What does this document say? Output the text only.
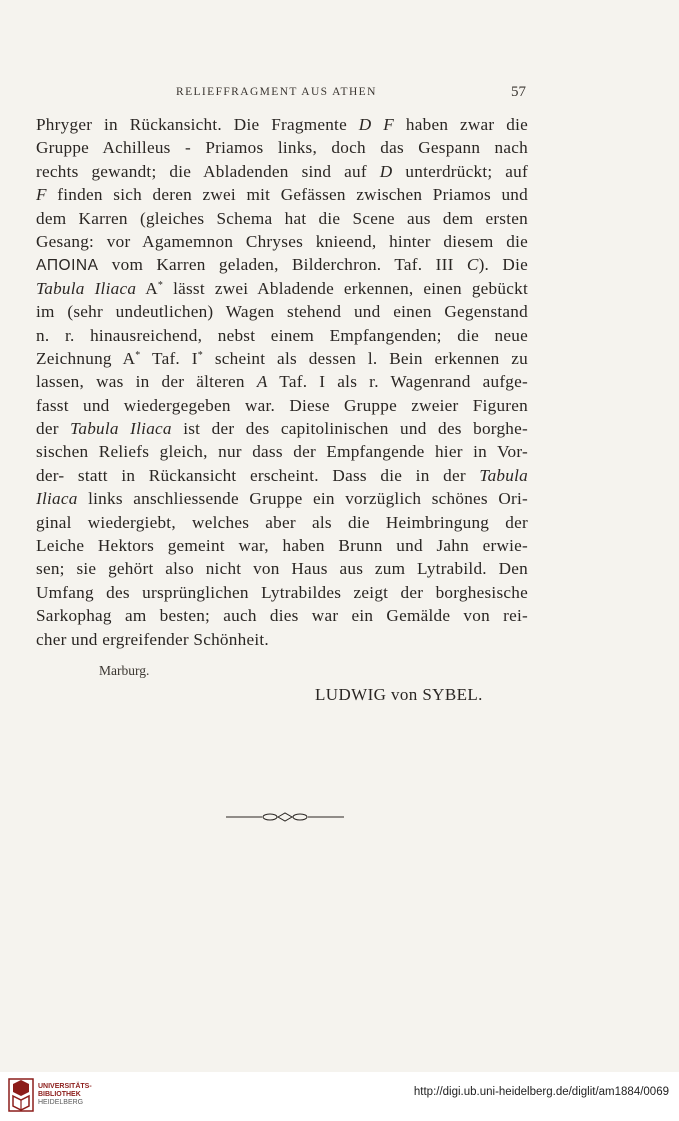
RELIEFFRAGMENT AUS ATHEN	57
Phryger in Rückansicht. Die Fragmente D F haben zwar die
Gruppe Achilleus - Priamos links, doch das Gespann nach
rechts gewandt; die Abladenden sind auf D unterdrückt; auf
F finden sich deren zwei mit Gefässen zwischen Priamos und
dem Karren (gleiches Schema hat die Scene aus dem ersten
Gesang: vor Agamemnon Chryses knieend, hinter diesem die
ΑΠΟΙΝΑ vom Karren geladen, Bilderchron. Taf. III C). Die
Tabula Iliaca A* lässt zwei Abladende erkennen, einen gebückt
im (sehr undeutlichen) Wagen stehend und einen Gegenstand
n. r. hinausreichend, nebst einem Empfangenden; die neue
Zeichnung A* Taf. I* scheint als dessen l. Bein erkennen zu
lassen, was in der älteren A Taf. I als r. Wagenrand aufge-
fasst und wiedergegeben war. Diese Gruppe zweier Figuren
der Tabula Iliaca ist der des capitolinischen und des borghe-
sischen Reliefs gleich, nur dass der Empfangende hier in Vor-
der- statt in Rückansicht erscheint. Dass die in der Tabula
Iliaca links anschliessende Gruppe ein vorzüglich schönes Ori-
ginal wiedergiebt, welches aber als die Heimbringung der
Leiche Hektors gemeint war, haben Brunn und Jahn erwie-
sen; sie gehört also nicht von Haus aus zum Lytrabild. Den
Umfang des ursprünglichen Lytrabildes zeigt der borghesische
Sarkophag am besten; auch dies war ein Gemälde von rei-
cher und ergreifender Schönheit.
Marburg.
LUDWIG von SYBEL.
UNIVERSITÄTS-
BIBLIOTHEK
HEIDELBERG
http://digi.ub.uni-heidelberg.de/diglit/am1884/0069
